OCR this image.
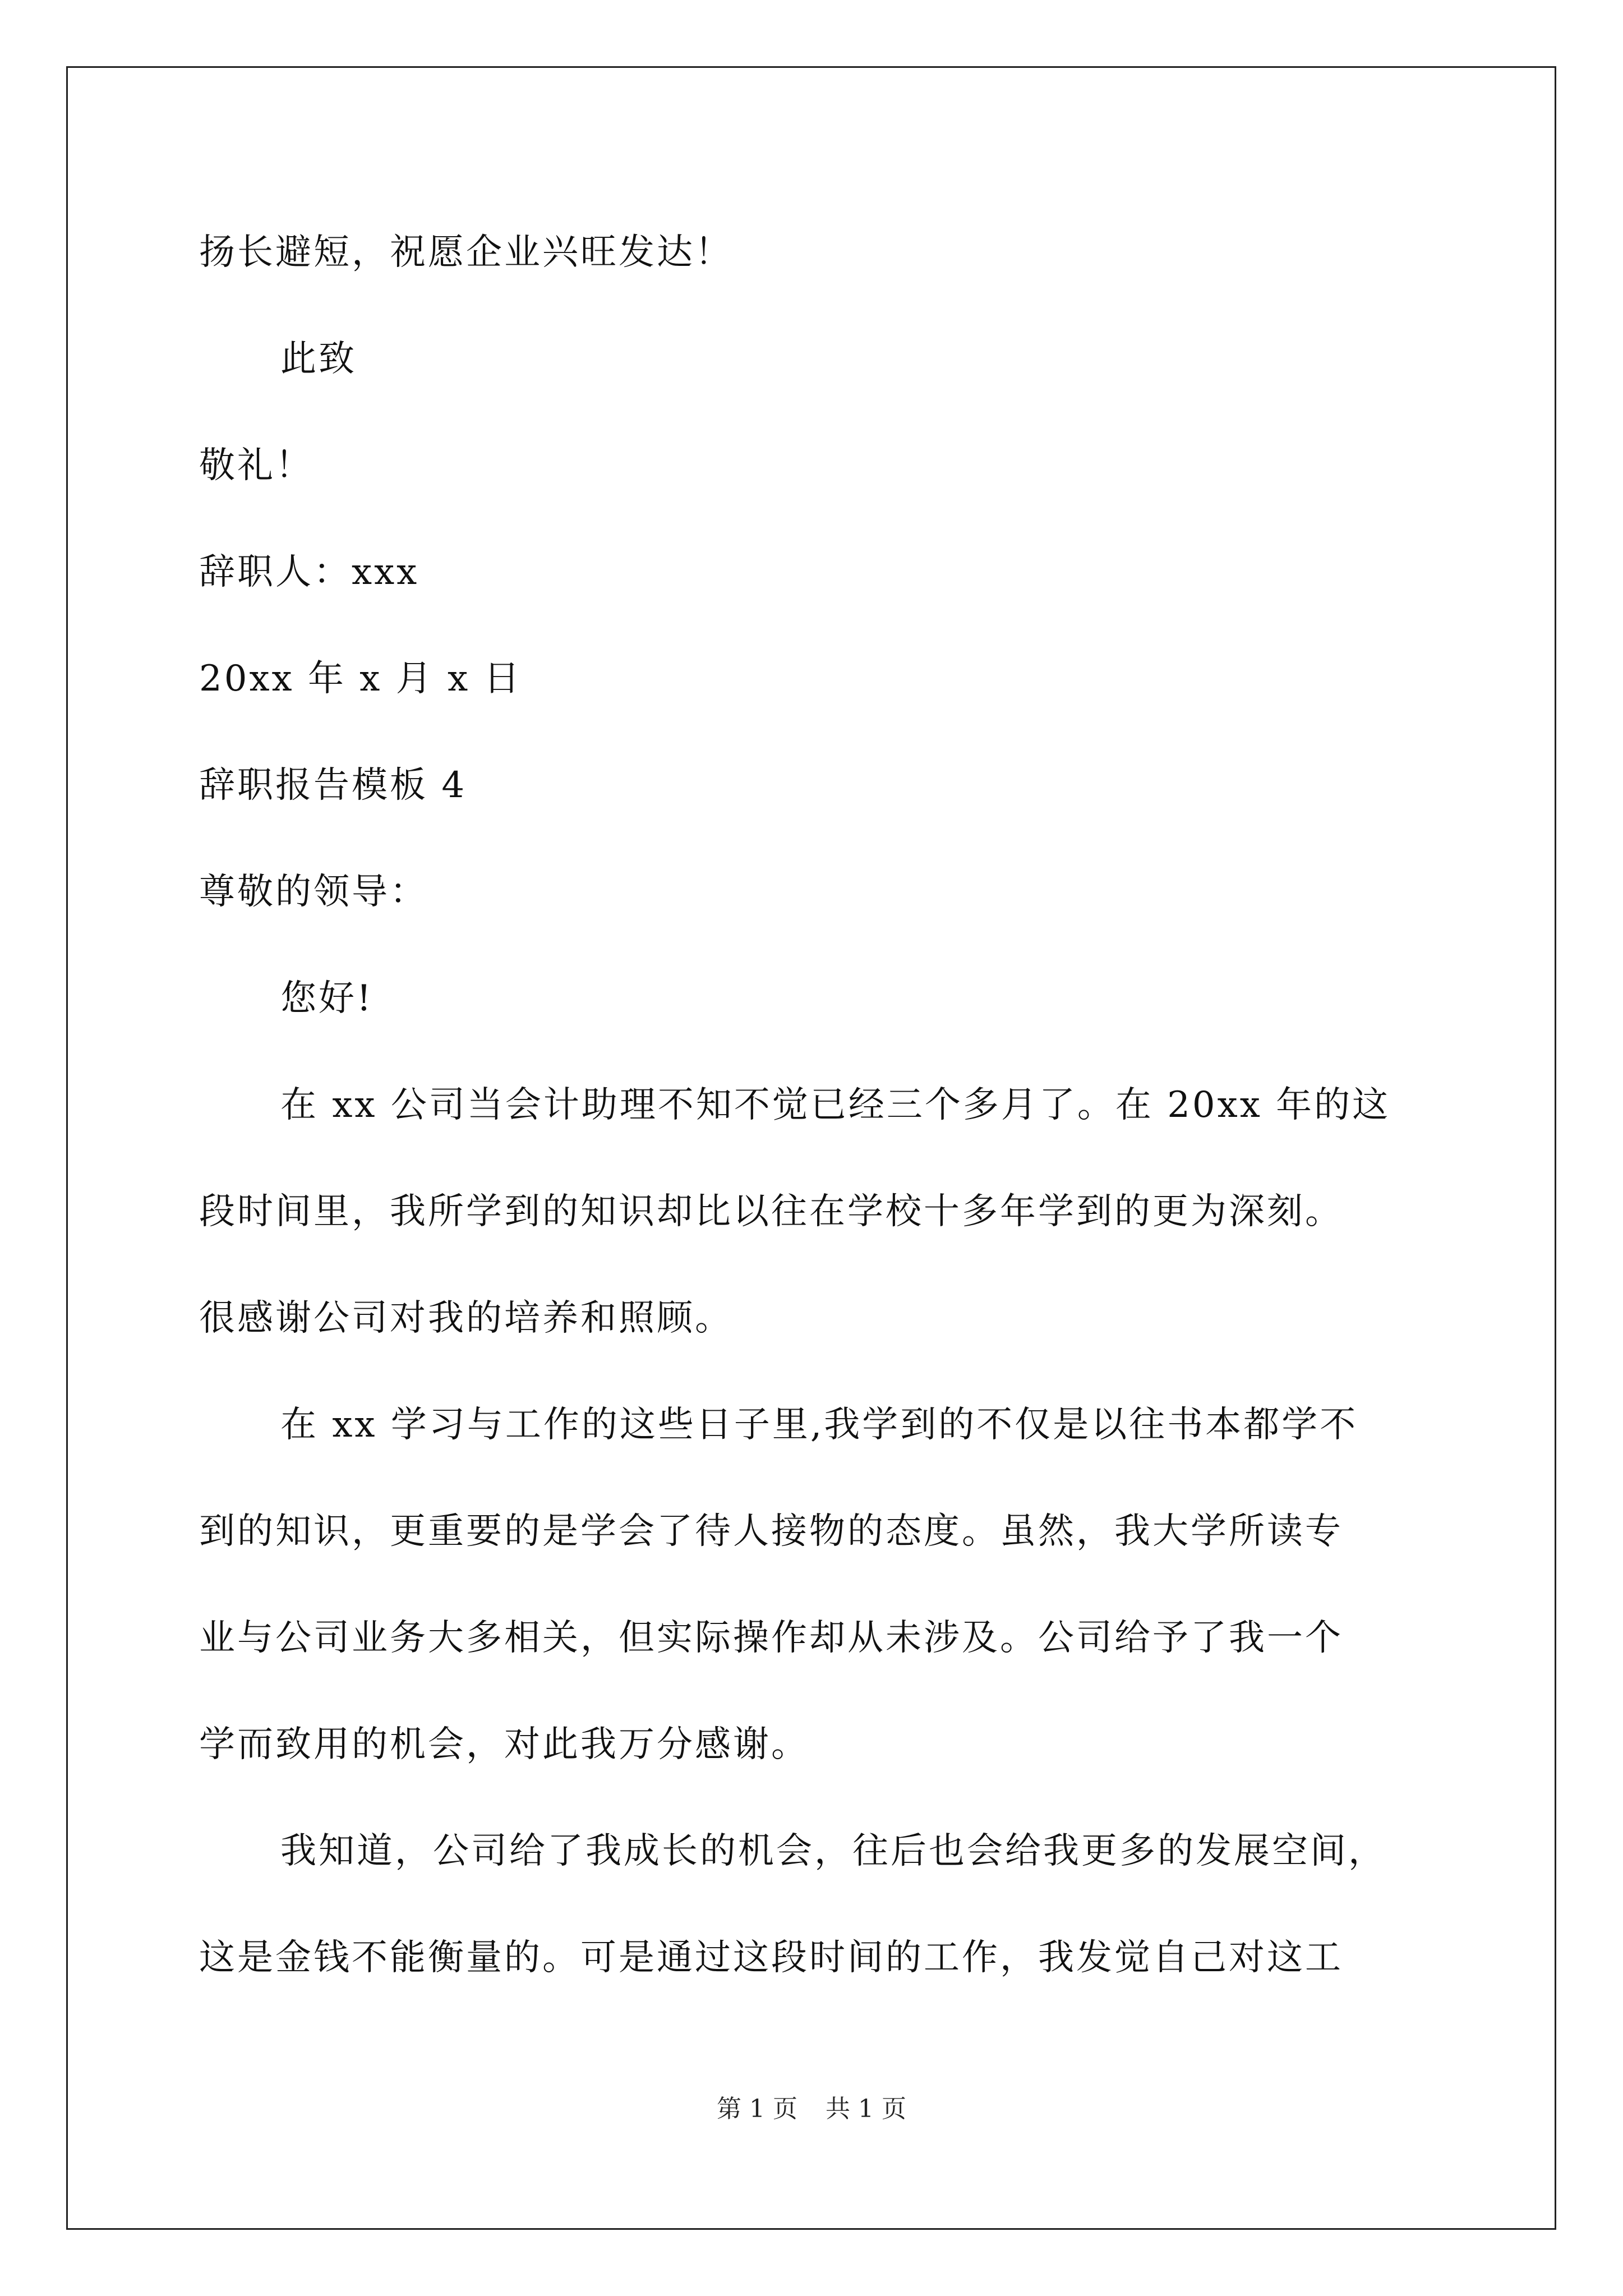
扬长避短，祝愿企业兴旺发达！
此致
敬礼！
辞职人：xxx
20xx 年 x 月 x 日
辞职报告模板 4
尊敬的领导：
您好!
在 xx 公司当会计助理不知不觉已经三个多月了。在 20xx 年的这
段时间里，我所学到的知识却比以往在学校十多年学到的更为深刻。
很感谢公司对我的培养和照顾。
在 xx 学习与工作的这些日子里,我学到的不仅是以往书本都学不
到的知识，更重要的是学会了待人接物的态度。虽然，我大学所读专
业与公司业务大多相关，但实际操作却从未涉及。公司给予了我一个
学而致用的机会，对此我万分感谢。
我知道，公司给了我成长的机会，往后也会给我更多的发展空间，
这是金钱不能衡量的。可是通过这段时间的工作，我发觉自己对这工
第 1 页 共 1 页
